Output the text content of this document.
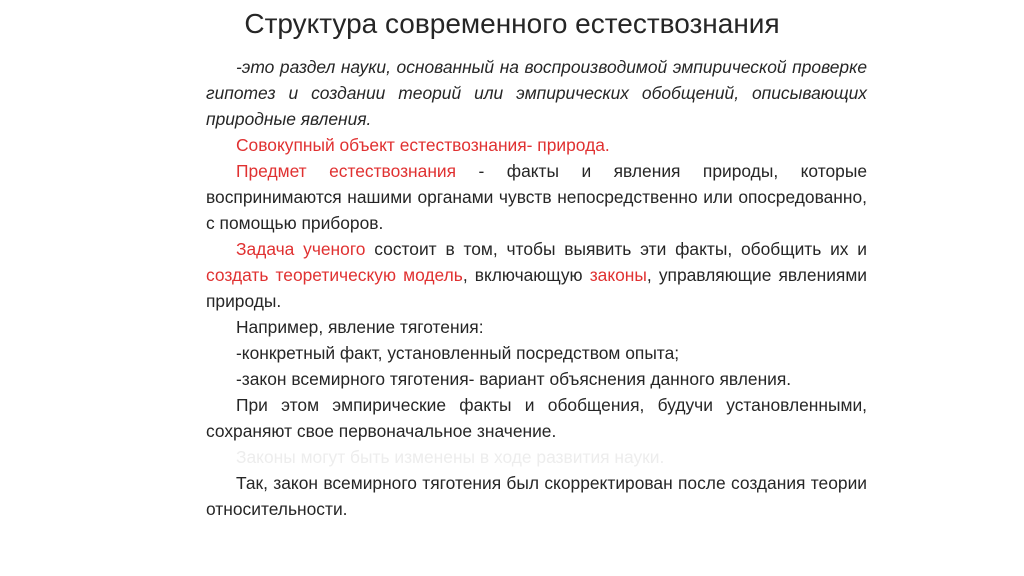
Структура современного естествознания

-это раздел науки, основанный на воспроизводимой эмпирической проверке гипотез и создании теорий или эмпирических обобщений, описывающих природные явления.

Совокупный объект естествознания- природа.

Предмет естествознания - факты и явления природы, которые воспринимаются нашими органами чувств непосредственно или опосредованно, с помощью приборов.

Задача ученого состоит в том, чтобы выявить эти факты, обобщить их и создать теоретическую модель, включающую законы, управляющие явлениями природы.

Например, явление тяготения:

-конкретный факт, установленный посредством опыта;

-закон всемирного тяготения- вариант объяснения данного явления.

При этом эмпирические факты и обобщения, будучи установленными, сохраняют свое первоначальное значение.

Законы могут быть изменены в ходе развития науки.

Так, закон всемирного тяготения был скорректирован после создания теории относительности.
